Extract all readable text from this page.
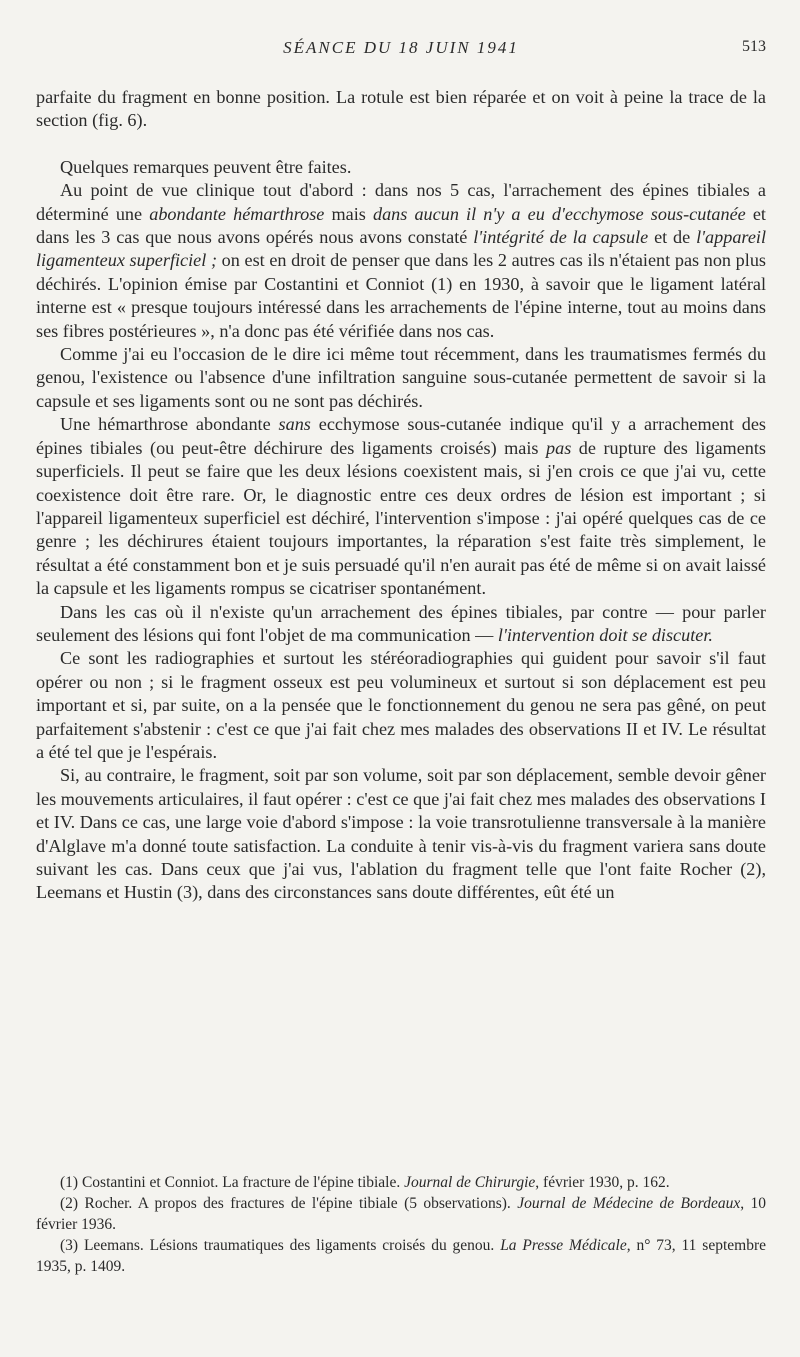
SÉANCE DU 18 JUIN 1941	513

parfaite du fragment en bonne position. La rotule est bien réparée et on voit à peine la trace de la section (fig. 6).

Quelques remarques peuvent être faites.

Au point de vue clinique tout d'abord : dans nos 5 cas, l'arrachement des épines tibiales a déterminé une abondante hémarthrose mais dans aucun il n'y a eu d'ecchymose sous-cutanée et dans les 3 cas que nous avons opérés nous avons constaté l'intégrité de la capsule et de l'appareil ligamenteux superficiel ; on est en droit de penser que dans les 2 autres cas ils n'étaient pas non plus déchirés. L'opinion émise par Costantini et Conniot (1) en 1930, à savoir que le ligament latéral interne est « presque toujours intéressé dans les arrachements de l'épine interne, tout au moins dans ses fibres postérieures », n'a donc pas été vérifiée dans nos cas.

Comme j'ai eu l'occasion de le dire ici même tout récemment, dans les traumatismes fermés du genou, l'existence ou l'absence d'une infiltration sanguine sous-cutanée permettent de savoir si la capsule et ses ligaments sont ou ne sont pas déchirés.

Une hémarthrose abondante sans ecchymose sous-cutanée indique qu'il y a arrachement des épines tibiales (ou peut-être déchirure des ligaments croisés) mais pas de rupture des ligaments superficiels. Il peut se faire que les deux lésions coexistent mais, si j'en crois ce que j'ai vu, cette coexistence doit être rare. Or, le diagnostic entre ces deux ordres de lésion est important ; si l'appareil ligamenteux superficiel est déchiré, l'intervention s'impose : j'ai opéré quelques cas de ce genre ; les déchirures étaient toujours importantes, la réparation s'est faite très simplement, le résultat a été constamment bon et je suis persuadé qu'il n'en aurait pas été de même si on avait laissé la capsule et les ligaments rompus se cicatriser spontanément.

Dans les cas où il n'existe qu'un arrachement des épines tibiales, par contre — pour parler seulement des lésions qui font l'objet de ma communication — l'intervention doit se discuter.

Ce sont les radiographies et surtout les stéréoradiographies qui guident pour savoir s'il faut opérer ou non ; si le fragment osseux est peu volumineux et surtout si son déplacement est peu important et si, par suite, on a la pensée que le fonctionnement du genou ne sera pas gêné, on peut parfaitement s'abstenir : c'est ce que j'ai fait chez mes malades des observations II et IV. Le résultat a été tel que je l'espérais.

Si, au contraire, le fragment, soit par son volume, soit par son déplacement, semble devoir gêner les mouvements articulaires, il faut opérer : c'est ce que j'ai fait chez mes malades des observations I et IV. Dans ce cas, une large voie d'abord s'impose : la voie transrotulienne transversale à la manière d'Alglave m'a donné toute satisfaction. La conduite à tenir vis-à-vis du fragment variera sans doute suivant les cas. Dans ceux que j'ai vus, l'ablation du fragment telle que l'ont faite Rocher (2), Leemans et Hustin (3), dans des circonstances sans doute différentes, eût été un

(1) Costantini et Conniot. La fracture de l'épine tibiale. Journal de Chirurgie, février 1930, p. 162.

(2) Rocher. A propos des fractures de l'épine tibiale (5 observations). Journal de Médecine de Bordeaux, 10 février 1936.

(3) Leemans. Lésions traumatiques des ligaments croisés du genou. La Presse Médicale, n° 73, 11 septembre 1935, p. 1409.
